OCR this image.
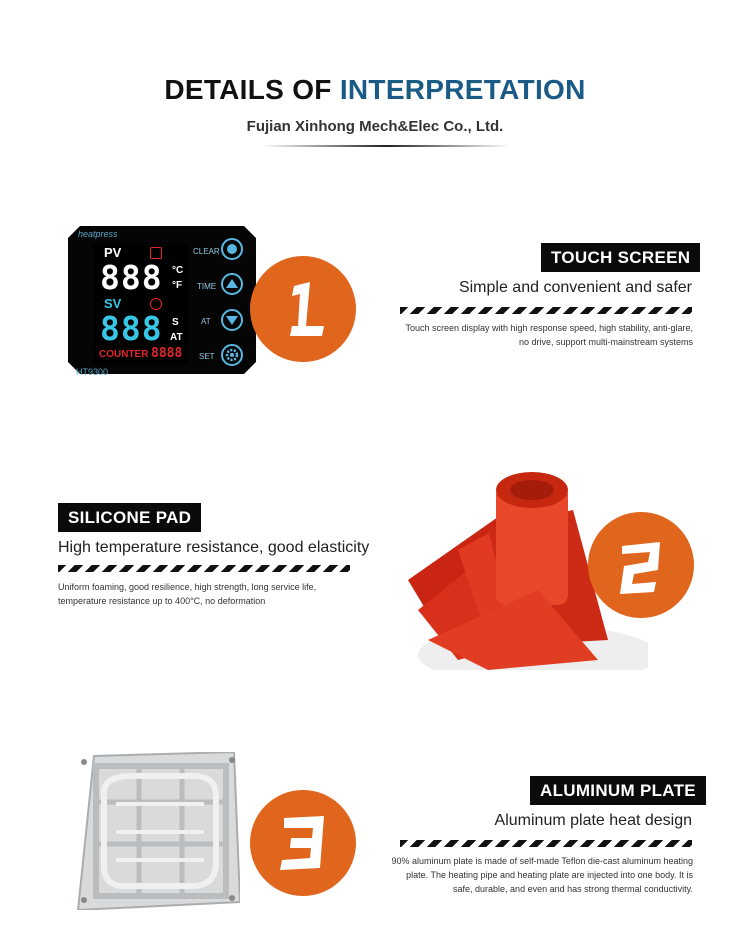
DETAILS OF INTERPRETATION
Fujian Xinhong Mech&Elec Co., Ltd.
heatpress
PV
888 °C
°F
SV
888 S
AT
COUNTER 8888
HT9300
CLEAR
TIME
AT
SET
TOUCH SCREEN
Simple and convenient and safer
Touch screen display with high response speed, high stability, anti-glare,
no drive, support multi-mainstream systems
SILICONE PAD
High temperature resistance, good elasticity
Uniform foaming, good resilience, high strength, long service life,
temperature resistance up to 400°C, no deformation
ALUMINUM PLATE
Aluminum plate heat design
90% aluminum plate is made of self-made Teflon die-cast aluminum heating
plate. The heating pipe and heating plate are injected into one body. It is
safe, durable, and even and has strong thermal conductivity.
